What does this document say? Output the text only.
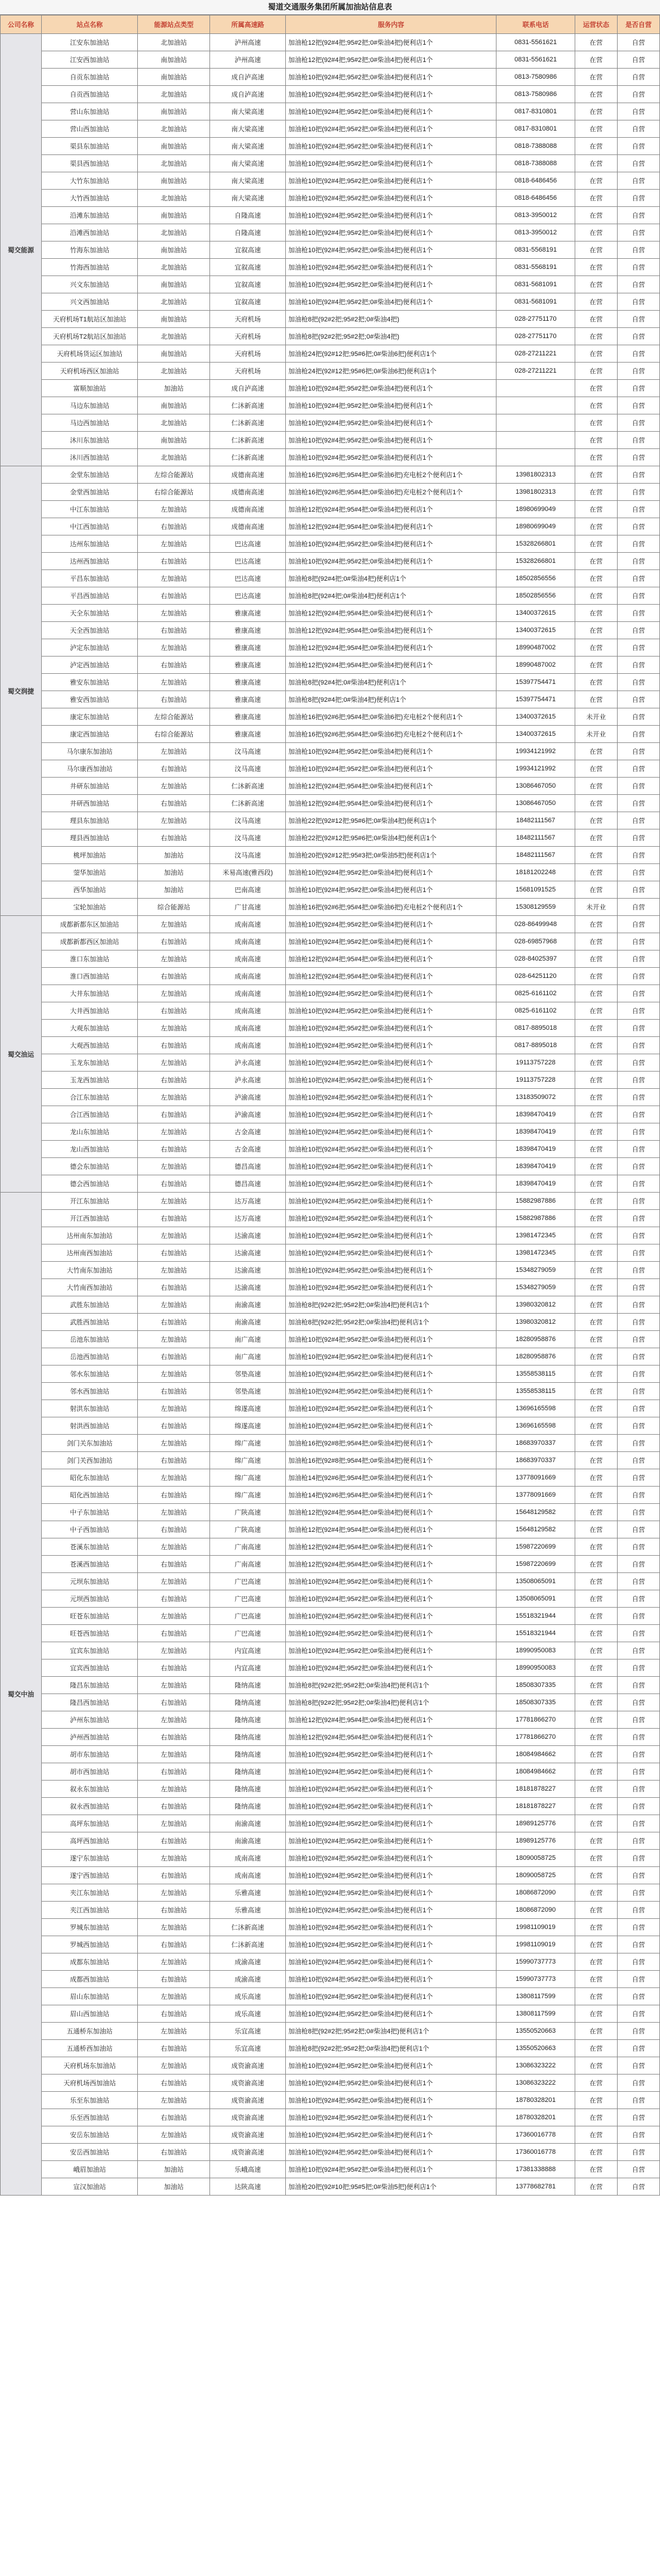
蜀道交通服务集团所属加油站信息表
公司名称	站点名称	能源站点类型	所属高速路	服务内容	联系电话	运营状态	是否自营
蜀交能源	江安东加油站	北加油站	泸州高速	加油枪12把(92#4把;95#2把;0#柴油4把)便利店1个	0831-5561621	在营	自营
	江安西加油站	南加油站	泸州高速	加油枪12把(92#4把;95#2把;0#柴油4把)便利店1个	0831-5561621	在营	自营
	自贡东加油站	南加油站	成自泸高速	加油枪10把(92#4把;95#2把;0#柴油4把)便利店1个	0813-7580986	在营	自营
	自贡西加油站	北加油站	成自泸高速	加油枪10把(92#4把;95#2把;0#柴油4把)便利店1个	0813-7580986	在营	自营
	营山东加油站	南加油站	南大梁高速	加油枪10把(92#4把;95#2把;0#柴油4把)便利店1个	0817-8310801	在营	自营
	营山西加油站	北加油站	南大梁高速	加油枪10把(92#4把;95#2把;0#柴油4把)便利店1个	0817-8310801	在营	自营
	渠县东加油站	南加油站	南大梁高速	加油枪10把(92#4把;95#2把;0#柴油4把)便利店1个	0818-7388088	在营	自营
	渠县西加油站	北加油站	南大梁高速	加油枪10把(92#4把;95#2把;0#柴油4把)便利店1个	0818-7388088	在营	自营
	大竹东加油站	南加油站	南大梁高速	加油枪10把(92#4把;95#2把;0#柴油4把)便利店1个	0818-6486456	在营	自营
	大竹西加油站	北加油站	南大梁高速	加油枪10把(92#4把;95#2把;0#柴油4把)便利店1个	0818-6486456	在营	自营
	沿滩东加油站	南加油站	自隆高速	加油枪10把(92#4把;95#2把;0#柴油4把)便利店1个	0813-3950012	在营	自营
	沿滩西加油站	北加油站	自隆高速	加油枪10把(92#4把;95#2把;0#柴油4把)便利店1个	0813-3950012	在营	自营
	竹海东加油站	南加油站	宜叙高速	加油枪10把(92#4把;95#2把;0#柴油4把)便利店1个	0831-5568191	在营	自营
	竹海西加油站	北加油站	宜叙高速	加油枪10把(92#4把;95#2把;0#柴油4把)便利店1个	0831-5568191	在营	自营
	兴文东加油站	南加油站	宜叙高速	加油枪10把(92#4把;95#2把;0#柴油4把)便利店1个	0831-5681091	在营	自营
	兴文西加油站	北加油站	宜叙高速	加油枪10把(92#4把;95#2把;0#柴油4把)便利店1个	0831-5681091	在营	自营
	天府机场T1航站区加油站	南加油站	天府机场	加油枪8把(92#2把;95#2把;0#柴油4把)	028-27751170	在营	自营
	天府机场T2航站区加油站	北加油站	天府机场	加油枪8把(92#2把;95#2把;0#柴油4把)	028-27751170	在营	自营
	天府机场货运区加油站	南加油站	天府机场	加油枪24把(92#12把;95#6把;0#柴油6把)便利店1个	028-27211221	在营	自营
	天府机场西区加油站	北加油站	天府机场	加油枪24把(92#12把;95#6把;0#柴油6把)便利店1个	028-27211221	在营	自营
	富顺加油站	加油站	成自泸高速	加油枪10把(92#4把;95#2把;0#柴油4把)便利店1个		在营	自营
	马边东加油站	南加油站	仁沐新高速	加油枪10把(92#4把;95#2把;0#柴油4把)便利店1个		在营	自营
	马边西加油站	北加油站	仁沐新高速	加油枪10把(92#4把;95#2把;0#柴油4把)便利店1个		在营	自营
	沐川东加油站	南加油站	仁沐新高速	加油枪10把(92#4把;95#2把;0#柴油4把)便利店1个		在营	自营
	沐川西加油站	北加油站	仁沐新高速	加油枪10把(92#4把;95#2把;0#柴油4把)便利店1个		在营	自营
蜀交润捷	金堂东加油站	左综合能源站	成德南高速	加油枪16把(92#6把;95#4把;0#柴油6把)充电桩2个便利店1个	13981802313	在营	自营
	金堂西加油站	右综合能源站	成德南高速	加油枪16把(92#6把;95#4把;0#柴油6把)充电桩2个便利店1个	13981802313	在营	自营
	中江东加油站	左加油站	成德南高速	加油枪12把(92#4把;95#4把;0#柴油4把)便利店1个	18980699049	在营	自营
	中江西加油站	右加油站	成德南高速	加油枪12把(92#4把;95#4把;0#柴油4把)便利店1个	18980699049	在营	自营
	达州东加油站	左加油站	巴达高速	加油枪10把(92#4把;95#2把;0#柴油4把)便利店1个	15328266801	在营	自营
	达州西加油站	右加油站	巴达高速	加油枪10把(92#4把;95#2把;0#柴油4把)便利店1个	15328266801	在营	自营
	平昌东加油站	左加油站	巴达高速	加油枪8把(92#4把;0#柴油4把)便利店1个	18502856556	在营	自营
	平昌西加油站	右加油站	巴达高速	加油枪8把(92#4把;0#柴油4把)便利店1个	18502856556	在营	自营
	天全东加油站	左加油站	雅康高速	加油枪12把(92#4把;95#4把;0#柴油4把)便利店1个	13400372615	在营	自营
	天全西加油站	右加油站	雅康高速	加油枪12把(92#4把;95#4把;0#柴油4把)便利店1个	13400372615	在营	自营
	泸定东加油站	左加油站	雅康高速	加油枪12把(92#4把;95#4把;0#柴油4把)便利店1个	18990487002	在营	自营
	泸定西加油站	右加油站	雅康高速	加油枪12把(92#4把;95#4把;0#柴油4把)便利店1个	18990487002	在营	自营
	雅安东加油站	左加油站	雅康高速	加油枪8把(92#4把;0#柴油4把)便利店1个	15397754471	在营	自营
	雅安西加油站	右加油站	雅康高速	加油枪8把(92#4把;0#柴油4把)便利店1个	15397754471	在营	自营
	康定东加油站	左综合能源站	雅康高速	加油枪16把(92#6把;95#4把;0#柴油6把)充电桩2个便利店1个	13400372615	未开业	自营
	康定西加油站	右综合能源站	雅康高速	加油枪16把(92#6把;95#4把;0#柴油6把)充电桩2个便利店1个	13400372615	未开业	自营
	马尔康东加油站	左加油站	汶马高速	加油枪10把(92#4把;95#2把;0#柴油4把)便利店1个	19934121992	在营	自营
	马尔康西加油站	右加油站	汶马高速	加油枪10把(92#4把;95#2把;0#柴油4把)便利店1个	19934121992	在营	自营
	井研东加油站	左加油站	仁沐新高速	加油枪12把(92#4把;95#4把;0#柴油4把)便利店1个	13086467050	在营	自营
	井研西加油站	右加油站	仁沐新高速	加油枪12把(92#4把;95#4把;0#柴油4把)便利店1个	13086467050	在营	自营
	理县东加油站	左加油站	汶马高速	加油枪22把(92#12把;95#6把;0#柴油4把)便利店1个	18482111567	在营	自营
	理县西加油站	右加油站	汶马高速	加油枪22把(92#12把;95#6把;0#柴油4把)便利店1个	18482111567	在营	自营
	桃坪加油站	加油站	汶马高速	加油枪20把(92#12把;95#3把;0#柴油5把)便利店1个	18482111567	在营	自营
	蓥华加油站	加油站	米易高速(雅西段)	加油枪10把(92#4把;95#2把;0#柴油4把)便利店1个	18181202248	在营	自营
	西华加油站	加油站	巴南高速	加油枪10把(92#4把;95#2把;0#柴油4把)便利店1个	15681091525	在营	自营
	宝轮加油站	综合能源站	广甘高速	加油枪16把(92#6把;95#4把;0#柴油6把)充电桩2个便利店1个	15308129559	未开业	自营
蜀交油运	成都新都东区加油站	左加油站	成南高速	加油枪10把(92#4把;95#2把;0#柴油4把)便利店1个	028-86499948	在营	自营
	成都新都西区加油站	右加油站	成南高速	加油枪10把(92#4把;95#2把;0#柴油4把)便利店1个	028-69857968	在营	自营
	淮口东加油站	左加油站	成南高速	加油枪12把(92#4把;95#4把;0#柴油4把)便利店1个	028-84025397	在营	自营
	淮口西加油站	右加油站	成南高速	加油枪12把(92#4把;95#4把;0#柴油4把)便利店1个	028-64251120	在营	自营
	大井东加油站	左加油站	成南高速	加油枪10把(92#4把;95#2把;0#柴油4把)便利店1个	0825-6161102	在营	自营
	大井西加油站	右加油站	成南高速	加油枪10把(92#4把;95#2把;0#柴油4把)便利店1个	0825-6161102	在营	自营
	大观东加油站	左加油站	成南高速	加油枪10把(92#4把;95#2把;0#柴油4把)便利店1个	0817-8895018	在营	自营
	大观西加油站	右加油站	成南高速	加油枪10把(92#4把;95#2把;0#柴油4把)便利店1个	0817-8895018	在营	自营
	玉龙东加油站	左加油站	泸永高速	加油枪10把(92#4把;95#2把;0#柴油4把)便利店1个	19113757228	在营	自营
	玉龙西加油站	右加油站	泸永高速	加油枪10把(92#4把;95#2把;0#柴油4把)便利店1个	19113757228	在营	自营
	合江东加油站	左加油站	泸渝高速	加油枪10把(92#4把;95#2把;0#柴油4把)便利店1个	13183509072	在营	自营
	合江西加油站	右加油站	泸渝高速	加油枪10把(92#4把;95#2把;0#柴油4把)便利店1个	18398470419	在营	自营
	龙山东加油站	左加油站	古金高速	加油枪10把(92#4把;95#2把;0#柴油4把)便利店1个	18398470419	在营	自营
	龙山西加油站	右加油站	古金高速	加油枪10把(92#4把;95#2把;0#柴油4把)便利店1个	18398470419	在营	自营
	德会东加油站	左加油站	德昌高速	加油枪10把(92#4把;95#2把;0#柴油4把)便利店1个	18398470419	在营	自营
	德会西加油站	右加油站	德昌高速	加油枪10把(92#4把;95#2把;0#柴油4把)便利店1个	18398470419	在营	自营
蜀交中油	开江东加油站	左加油站	达万高速	加油枪10把(92#4把;95#2把;0#柴油4把)便利店1个	15882987886	在营	自营
	开江西加油站	右加油站	达万高速	加油枪10把(92#4把;95#2把;0#柴油4把)便利店1个	15882987886	在营	自营
	达州南东加油站	左加油站	达渝高速	加油枪10把(92#4把;95#2把;0#柴油4把)便利店1个	13981472345	在营	自营
	达州南西加油站	右加油站	达渝高速	加油枪10把(92#4把;95#2把;0#柴油4把)便利店1个	13981472345	在营	自营
	大竹南东加油站	左加油站	达渝高速	加油枪10把(92#4把;95#2把;0#柴油4把)便利店1个	15348279059	在营	自营
	大竹南西加油站	右加油站	达渝高速	加油枪10把(92#4把;95#2把;0#柴油4把)便利店1个	15348279059	在营	自营
	武胜东加油站	左加油站	南渝高速	加油枪8把(92#2把;95#2把;0#柴油4把)便利店1个	13980320812	在营	自营
	武胜西加油站	右加油站	南渝高速	加油枪8把(92#2把;95#2把;0#柴油4把)便利店1个	13980320812	在营	自营
	岳池东加油站	左加油站	南广高速	加油枪10把(92#4把;95#2把;0#柴油4把)便利店1个	18280958876	在营	自营
	岳池西加油站	右加油站	南广高速	加油枪10把(92#4把;95#2把;0#柴油4把)便利店1个	18280958876	在营	自营
	邻水东加油站	左加油站	邻垫高速	加油枪10把(92#4把;95#2把;0#柴油4把)便利店1个	13558538115	在营	自营
	邻水西加油站	右加油站	邻垫高速	加油枪10把(92#4把;95#2把;0#柴油4把)便利店1个	13558538115	在营	自营
	射洪东加油站	左加油站	绵遂高速	加油枪10把(92#4把;95#2把;0#柴油4把)便利店1个	13696165598	在营	自营
	射洪西加油站	右加油站	绵遂高速	加油枪10把(92#4把;95#2把;0#柴油4把)便利店1个	13696165598	在营	自营
	剑门关东加油站	左加油站	绵广高速	加油枪16把(92#8把;95#4把;0#柴油4把)便利店1个	18683970337	在营	自营
	剑门关西加油站	右加油站	绵广高速	加油枪16把(92#8把;95#4把;0#柴油4把)便利店1个	18683970337	在营	自营
	昭化东加油站	左加油站	绵广高速	加油枪14把(92#6把;95#4把;0#柴油4把)便利店1个	13778091669	在营	自营
	昭化西加油站	右加油站	绵广高速	加油枪14把(92#6把;95#4把;0#柴油4把)便利店1个	13778091669	在营	自营
	中子东加油站	左加油站	广陕高速	加油枪12把(92#4把;95#4把;0#柴油4把)便利店1个	15648129582	在营	自营
	中子西加油站	右加油站	广陕高速	加油枪12把(92#4把;95#4把;0#柴油4把)便利店1个	15648129582	在营	自营
	苍溪东加油站	左加油站	广南高速	加油枪12把(92#4把;95#4把;0#柴油4把)便利店1个	15987220699	在营	自营
	苍溪西加油站	右加油站	广南高速	加油枪12把(92#4把;95#4把;0#柴油4把)便利店1个	15987220699	在营	自营
	元坝东加油站	左加油站	广巴高速	加油枪10把(92#4把;95#2把;0#柴油4把)便利店1个	13508065091	在营	自营
	元坝西加油站	右加油站	广巴高速	加油枪10把(92#4把;95#2把;0#柴油4把)便利店1个	13508065091	在营	自营
	旺苍东加油站	左加油站	广巴高速	加油枪10把(92#4把;95#2把;0#柴油4把)便利店1个	15518321944	在营	自营
	旺苍西加油站	右加油站	广巴高速	加油枪10把(92#4把;95#2把;0#柴油4把)便利店1个	15518321944	在营	自营
	宜宾东加油站	左加油站	内宜高速	加油枪10把(92#4把;95#2把;0#柴油4把)便利店1个	18990950083	在营	自营
	宜宾西加油站	右加油站	内宜高速	加油枪10把(92#4把;95#2把;0#柴油4把)便利店1个	18990950083	在营	自营
	隆昌东加油站	左加油站	隆纳高速	加油枪8把(92#2把;95#2把;0#柴油4把)便利店1个	18508307335	在营	自营
	隆昌西加油站	右加油站	隆纳高速	加油枪8把(92#2把;95#2把;0#柴油4把)便利店1个	18508307335	在营	自营
	泸州东加油站	左加油站	隆纳高速	加油枪12把(92#4把;95#4把;0#柴油4把)便利店1个	17781866270	在营	自营
	泸州西加油站	右加油站	隆纳高速	加油枪12把(92#4把;95#4把;0#柴油4把)便利店1个	17781866270	在营	自营
	胡市东加油站	左加油站	隆纳高速	加油枪10把(92#4把;95#2把;0#柴油4把)便利店1个	18084984662	在营	自营
	胡市西加油站	右加油站	隆纳高速	加油枪10把(92#4把;95#2把;0#柴油4把)便利店1个	18084984662	在营	自营
	叙永东加油站	左加油站	隆纳高速	加油枪10把(92#4把;95#2把;0#柴油4把)便利店1个	18181878227	在营	自营
	叙永西加油站	右加油站	隆纳高速	加油枪10把(92#4把;95#2把;0#柴油4把)便利店1个	18181878227	在营	自营
	高坪东加油站	左加油站	南渝高速	加油枪10把(92#4把;95#2把;0#柴油4把)便利店1个	18989125776	在营	自营
	高坪西加油站	右加油站	南渝高速	加油枪10把(92#4把;95#2把;0#柴油4把)便利店1个	18989125776	在营	自营
	遂宁东加油站	左加油站	成南高速	加油枪10把(92#4把;95#2把;0#柴油4把)便利店1个	18090058725	在营	自营
	遂宁西加油站	右加油站	成南高速	加油枪10把(92#4把;95#2把;0#柴油4把)便利店1个	18090058725	在营	自营
	夹江东加油站	左加油站	乐雅高速	加油枪10把(92#4把;95#2把;0#柴油4把)便利店1个	18086872090	在营	自营
	夹江西加油站	右加油站	乐雅高速	加油枪10把(92#4把;95#2把;0#柴油4把)便利店1个	18086872090	在营	自营
	罗城东加油站	左加油站	仁沐新高速	加油枪10把(92#4把;95#2把;0#柴油4把)便利店1个	19981109019	在营	自营
	罗城西加油站	右加油站	仁沐新高速	加油枪10把(92#4把;95#2把;0#柴油4把)便利店1个	19981109019	在营	自营
	成都东加油站	左加油站	成渝高速	加油枪10把(92#4把;95#2把;0#柴油4把)便利店1个	15990737773	在营	自营
	成都西加油站	右加油站	成渝高速	加油枪10把(92#4把;95#2把;0#柴油4把)便利店1个	15990737773	在营	自营
	眉山东加油站	左加油站	成乐高速	加油枪10把(92#4把;95#2把;0#柴油4把)便利店1个	13808117599	在营	自营
	眉山西加油站	右加油站	成乐高速	加油枪10把(92#4把;95#2把;0#柴油4把)便利店1个	13808117599	在营	自营
	五通桥东加油站	左加油站	乐宜高速	加油枪8把(92#2把;95#2把;0#柴油4把)便利店1个	13550520663	在营	自营
	五通桥西加油站	右加油站	乐宜高速	加油枪8把(92#2把;95#2把;0#柴油4把)便利店1个	13550520663	在营	自营
	天府机场东加油站	左加油站	成资渝高速	加油枪10把(92#4把;95#2把;0#柴油4把)便利店1个	13086323222	在营	自营
	天府机场西加油站	右加油站	成资渝高速	加油枪10把(92#4把;95#2把;0#柴油4把)便利店1个	13086323222	在营	自营
	乐至东加油站	左加油站	成资渝高速	加油枪10把(92#4把;95#2把;0#柴油4把)便利店1个	18780328201	在营	自营
	乐至西加油站	右加油站	成资渝高速	加油枪10把(92#4把;95#2把;0#柴油4把)便利店1个	18780328201	在营	自营
	安岳东加油站	左加油站	成资渝高速	加油枪10把(92#4把;95#2把;0#柴油4把)便利店1个	17360016778	在营	自营
	安岳西加油站	右加油站	成资渝高速	加油枪10把(92#4把;95#2把;0#柴油4把)便利店1个	17360016778	在营	自营
	峨眉加油站	加油站	乐峨高速	加油枪10把(92#4把;95#2把;0#柴油4把)便利店1个	17381338888	在营	自营
	宣汉加油站	加油站	达陕高速	加油枪20把(92#10把;95#5把;0#柴油5把)便利店1个	13778682781	在营	自营
